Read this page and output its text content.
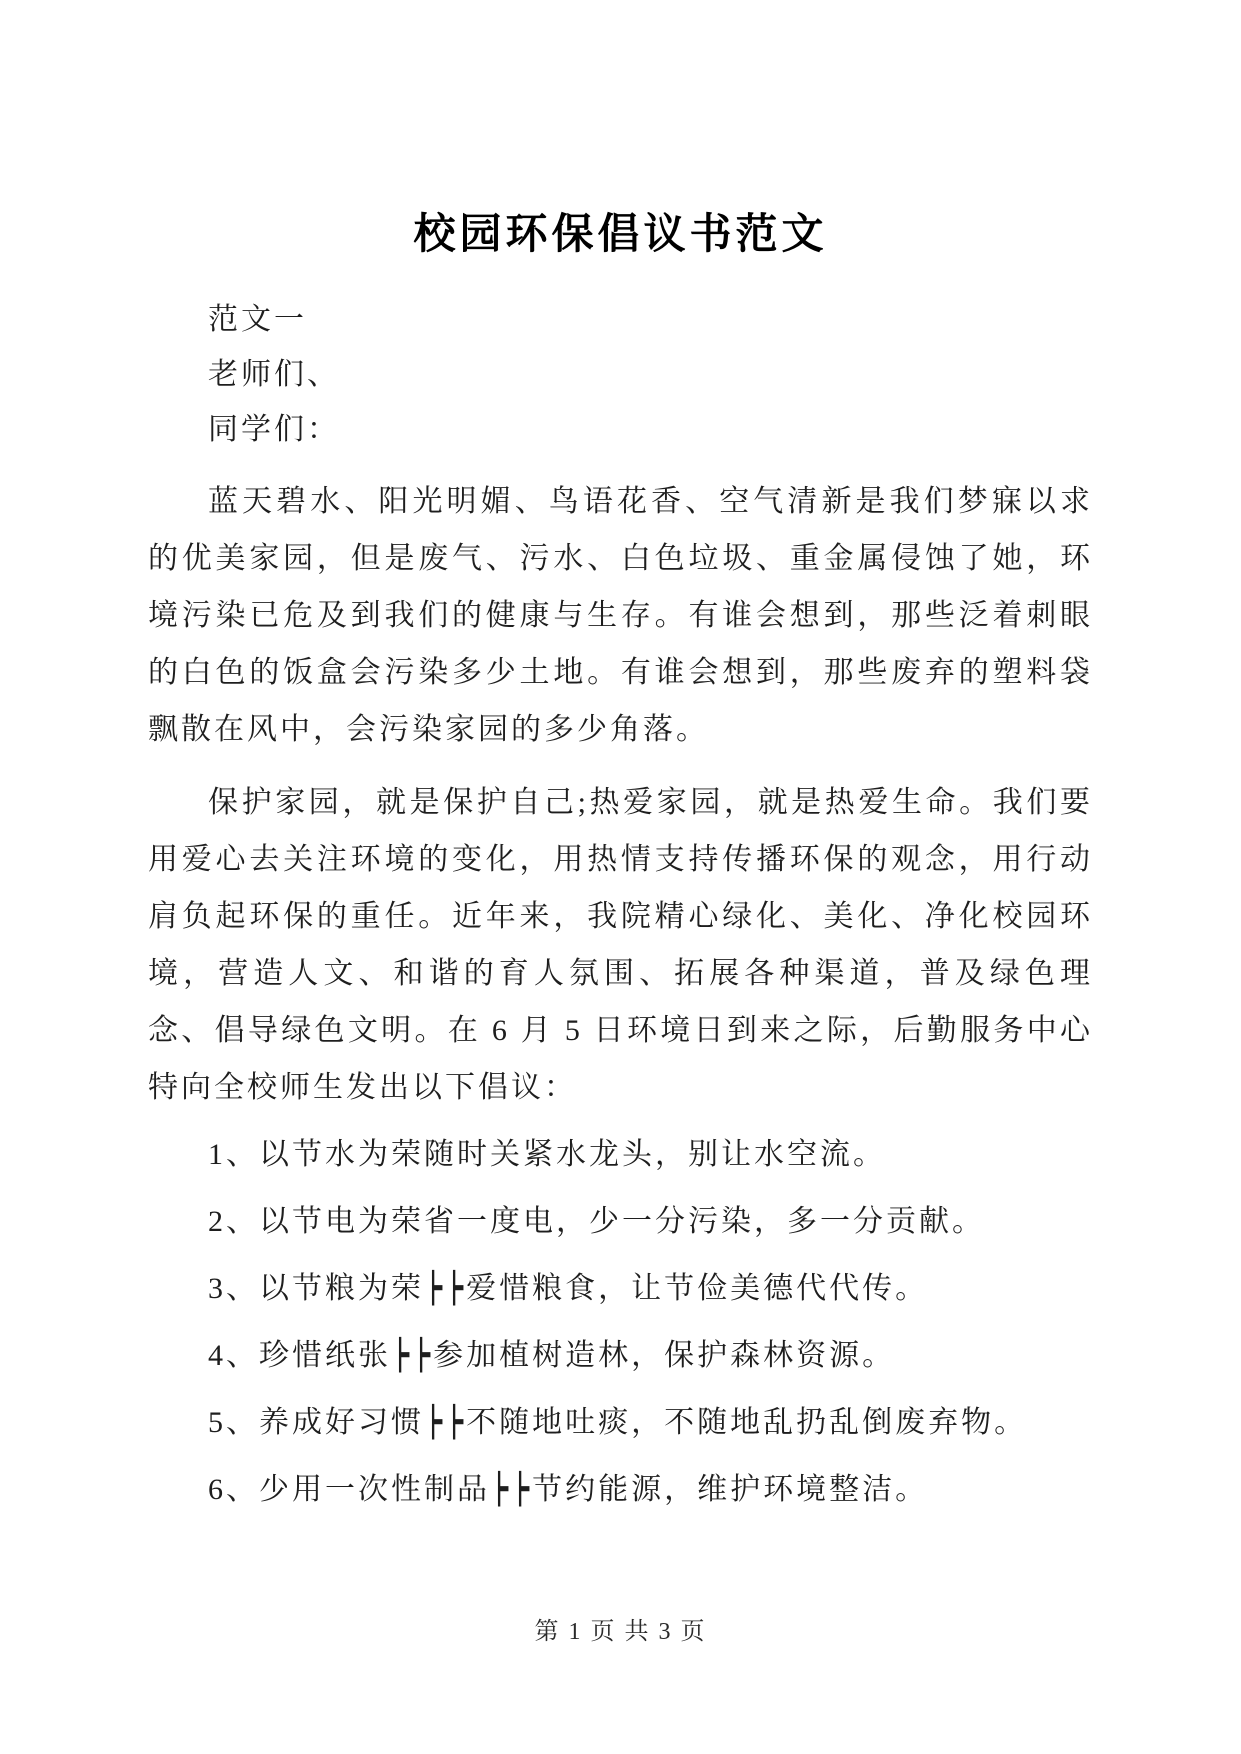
校园环保倡议书范文
范文一
老师们、
同学们：

蓝天碧水、阳光明媚、鸟语花香、空气清新是我们梦寐以求的优美家园，但是废气、污水、白色垃圾、重金属侵蚀了她，环境污染已危及到我们的健康与生存。有谁会想到，那些泛着刺眼的白色的饭盒会污染多少土地。有谁会想到，那些废弃的塑料袋飘散在风中，会污染家园的多少角落。

保护家园，就是保护自己;热爱家园，就是热爱生命。我们要用爱心去关注环境的变化，用热情支持传播环保的观念，用行动肩负起环保的重任。近年来，我院精心绿化、美化、净化校园环境，营造人文、和谐的育人氛围、拓展各种渠道，普及绿色理念、倡导绿色文明。在 6 月 5 日环境日到来之际，后勤服务中心特向全校师生发出以下倡议：

1、以节水为荣随时关紧水龙头，别让水空流。

2、以节电为荣省一度电，少一分污染，多一分贡献。

3、以节粮为荣┝┝爱惜粮食，让节俭美德代代传。

4、珍惜纸张┝┝参加植树造林，保护森林资源。

5、养成好习惯┝┝不随地吐痰，不随地乱扔乱倒废弃物。

6、少用一次性制品┝┝节约能源，维护环境整洁。

第 1 页 共 3 页
